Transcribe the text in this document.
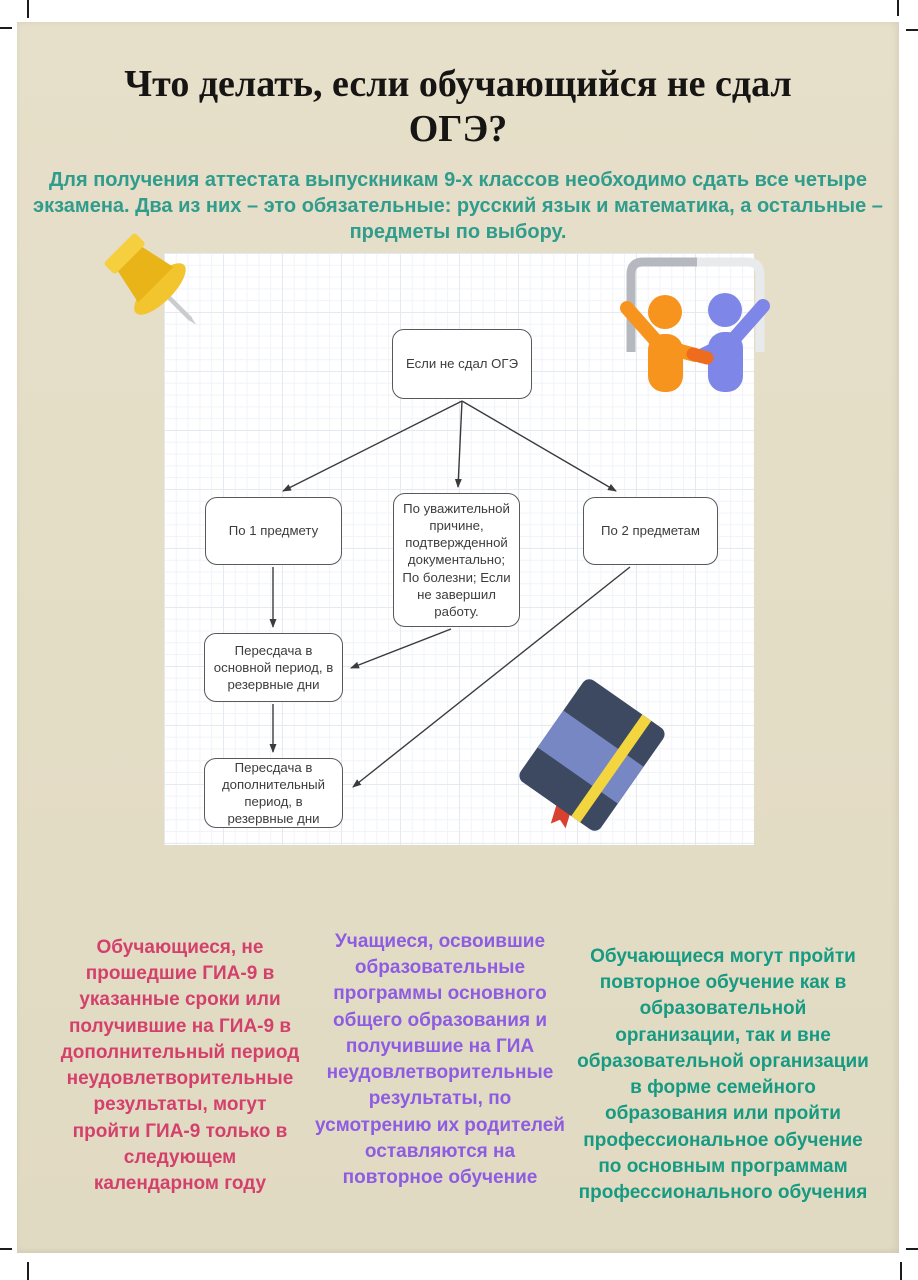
Что делать, если обучающийся не сдал ОГЭ?

Для получения аттестата выпускникам 9-х классов необходимо сдать все четыре экзамена. Два из них – это обязательные: русский язык и математика, а остальные – предметы по выбору.

Если не сдал ОГЭ
По 1 предмету
По уважительной причине, подтвержденной документально; По болезни; Если не завершил работу.
По 2 предметам
Пересдача в основной период, в резервные дни
Пересдача в дополнительный период, в резервные дни

Обучающиеся, не прошедшие ГИА-9 в указанные сроки или получившие на ГИА-9 в дополнительный период неудовлетворительные результаты, могут пройти ГИА-9 только в следующем календарном году

Учащиеся, освоившие образовательные программы основного общего образования и получившие на ГИА неудовлетворительные результаты, по усмотрению их родителей оставляются на повторное обучение

Обучающиеся могут пройти повторное обучение как в образовательной организации, так и вне образовательной организации в форме семейного образования или пройти профессиональное обучение по основным программам профессионального обучения
